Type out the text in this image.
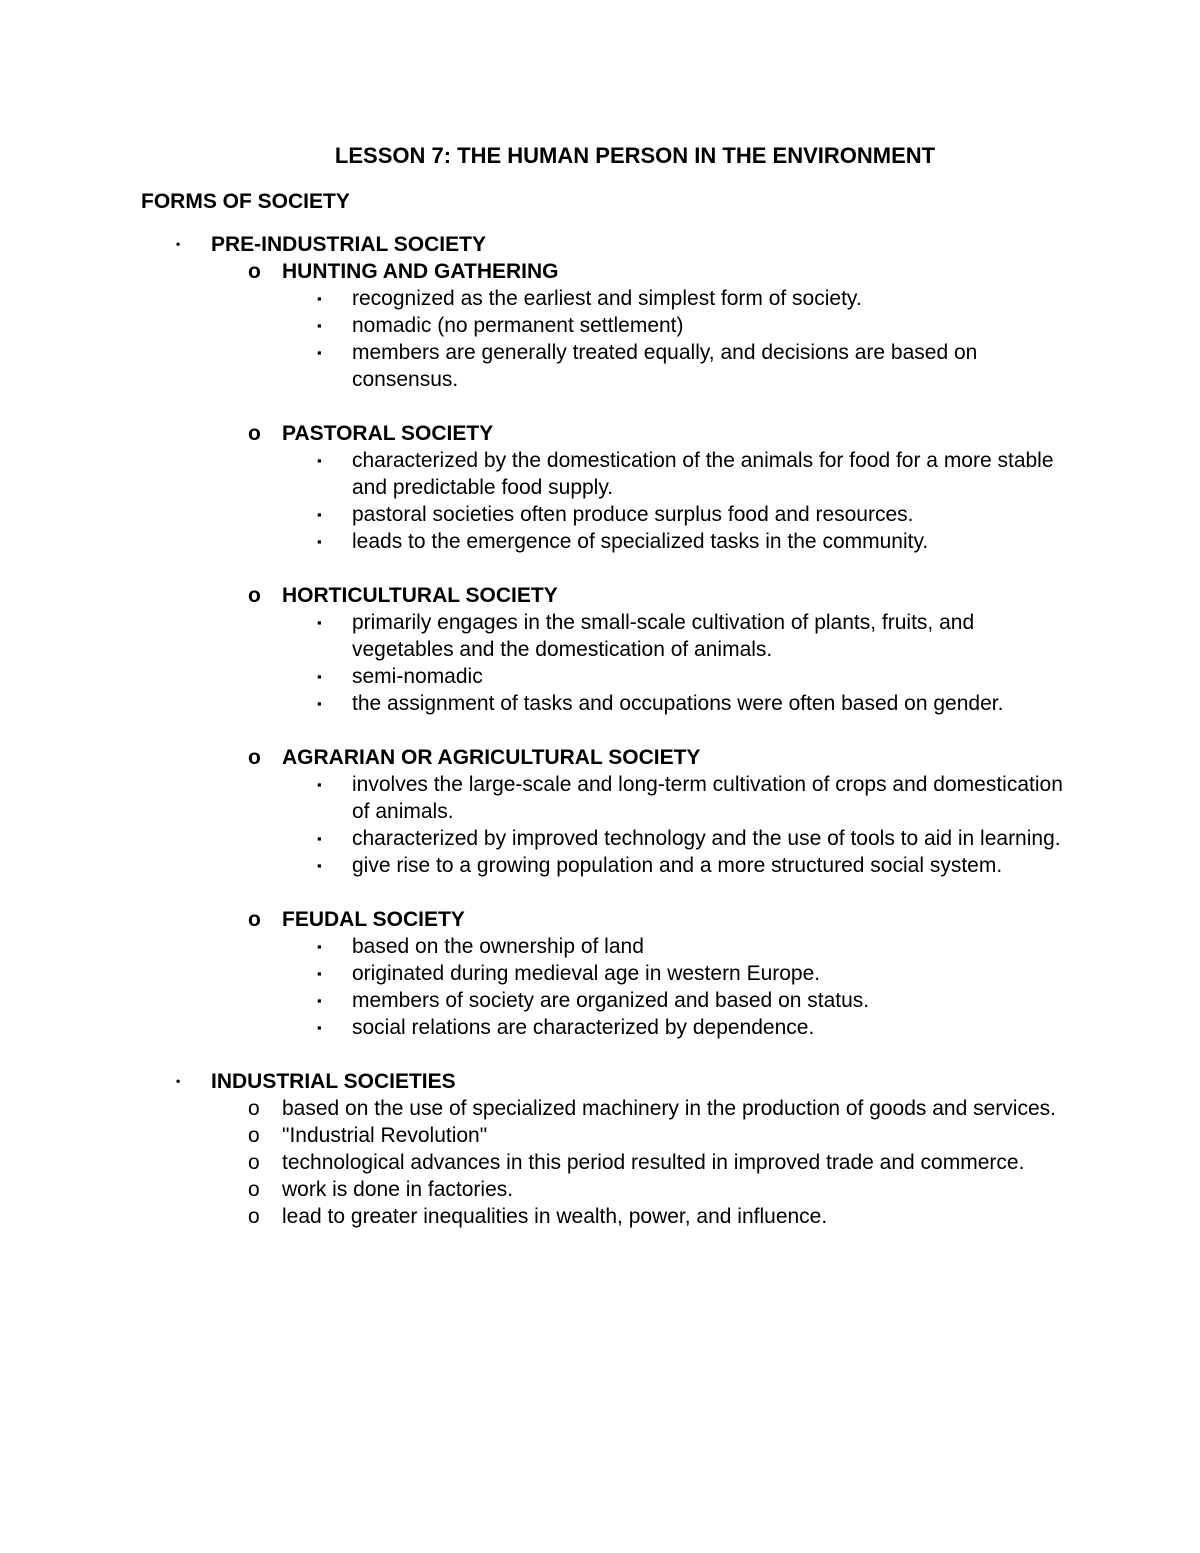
LESSON 7: THE HUMAN PERSON IN THE ENVIRONMENT
FORMS OF SOCIETY
• PRE-INDUSTRIAL SOCIETY
o HUNTING AND GATHERING
▪ recognized as the earliest and simplest form of society.
▪ nomadic (no permanent settlement)
▪ members are generally treated equally, and decisions are based on consensus.
o PASTORAL SOCIETY
▪ characterized by the domestication of the animals for food for a more stable and predictable food supply.
▪ pastoral societies often produce surplus food and resources.
▪ leads to the emergence of specialized tasks in the community.
o HORTICULTURAL SOCIETY
▪ primarily engages in the small-scale cultivation of plants, fruits, and vegetables and the domestication of animals.
▪ semi-nomadic
▪ the assignment of tasks and occupations were often based on gender.
o AGRARIAN OR AGRICULTURAL SOCIETY
▪ involves the large-scale and long-term cultivation of crops and domestication of animals.
▪ characterized by improved technology and the use of tools to aid in learning.
▪ give rise to a growing population and a more structured social system.
o FEUDAL SOCIETY
▪ based on the ownership of land
▪ originated during medieval age in western Europe.
▪ members of society are organized and based on status.
▪ social relations are characterized by dependence.
• INDUSTRIAL SOCIETIES
o based on the use of specialized machinery in the production of goods and services.
o "Industrial Revolution"
o technological advances in this period resulted in improved trade and commerce.
o work is done in factories.
o lead to greater inequalities in wealth, power, and influence.
